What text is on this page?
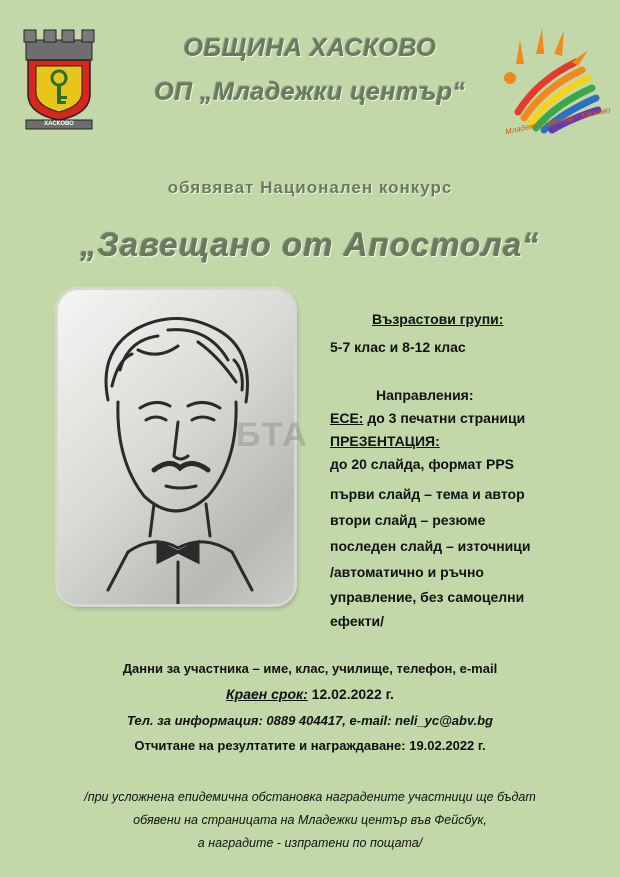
ХАСКОВО	Младежки център - Хасково
ОБЩИНА ХАСКОВО
ОП „Младежки център“
обявяват Национален конкурс
„Завещано от Апостола“
БТА
Възрастови групи:
5-7 клас и 8-12 клас
Направления:
ЕСЕ: до 3 печатни страници
ПРЕЗЕНТАЦИЯ:
до 20 слайда, формат PPS
първи слайд – тема и автор
втори слайд – резюме
последен слайд – източници
/автоматично и ръчно
управление, без самоцелни
ефекти/
Данни за участника – име, клас, училище, телефон, e-mail
Краен срок: 12.02.2022 г.
Тел. за информация: 0889 404417, e-mail: neli_yc@abv.bg
Отчитане на резултатите и награждаване: 19.02.2022 г.
/при усложнена епидемична обстановка наградените участници ще бъдат
обявени на страницата на Младежки център във Фейсбук,
а наградите - изпратени по пощата/
